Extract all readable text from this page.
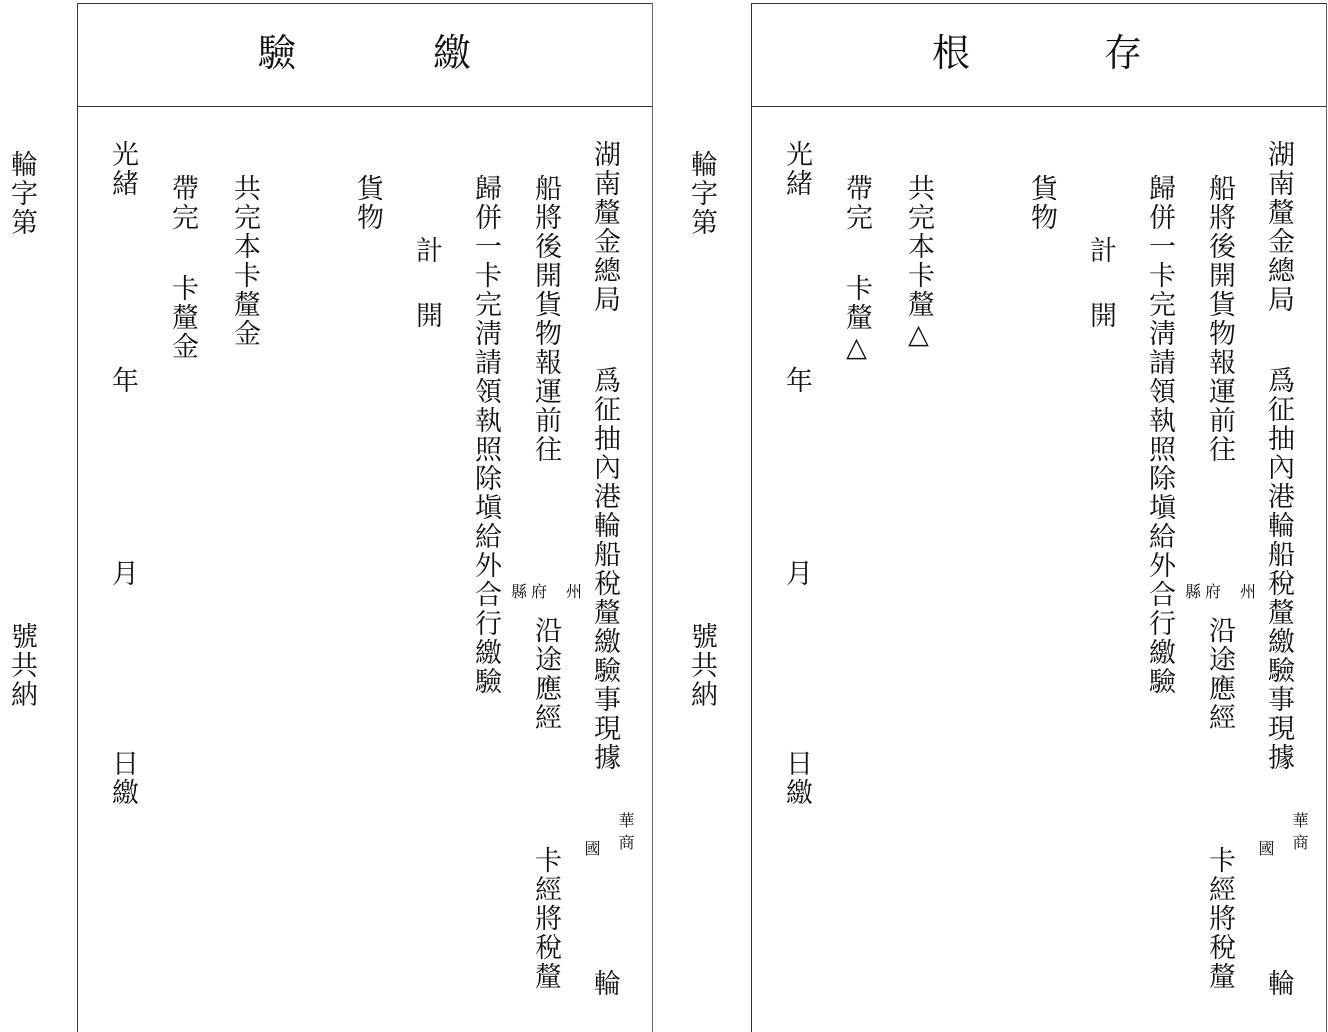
輪字第
號共納
驗	繳
湖南釐金總局
爲征抽內港輪船稅釐繳驗事現據
華
商
國
輪
船將後開貨物報運前往
州
府
縣
沿途應經
卡經將稅釐
歸併一卡完淸請領執照除塡給外合行繳驗
計
開
貨物
共完本卡釐金
帶完
卡釐金
光緒
年
月
日繳
輪字第
號共納
根	存
湖南釐金總局
爲征抽內港輪船稅釐繳驗事現據
華
商
國
輪
船將後開貨物報運前往
州
府
縣
沿途應經
卡經將稅釐
歸併一卡完淸請領執照除塡給外合行繳驗
計
開
貨物
共完本卡釐△
帶完
卡釐△
光緒
年
月
日繳
